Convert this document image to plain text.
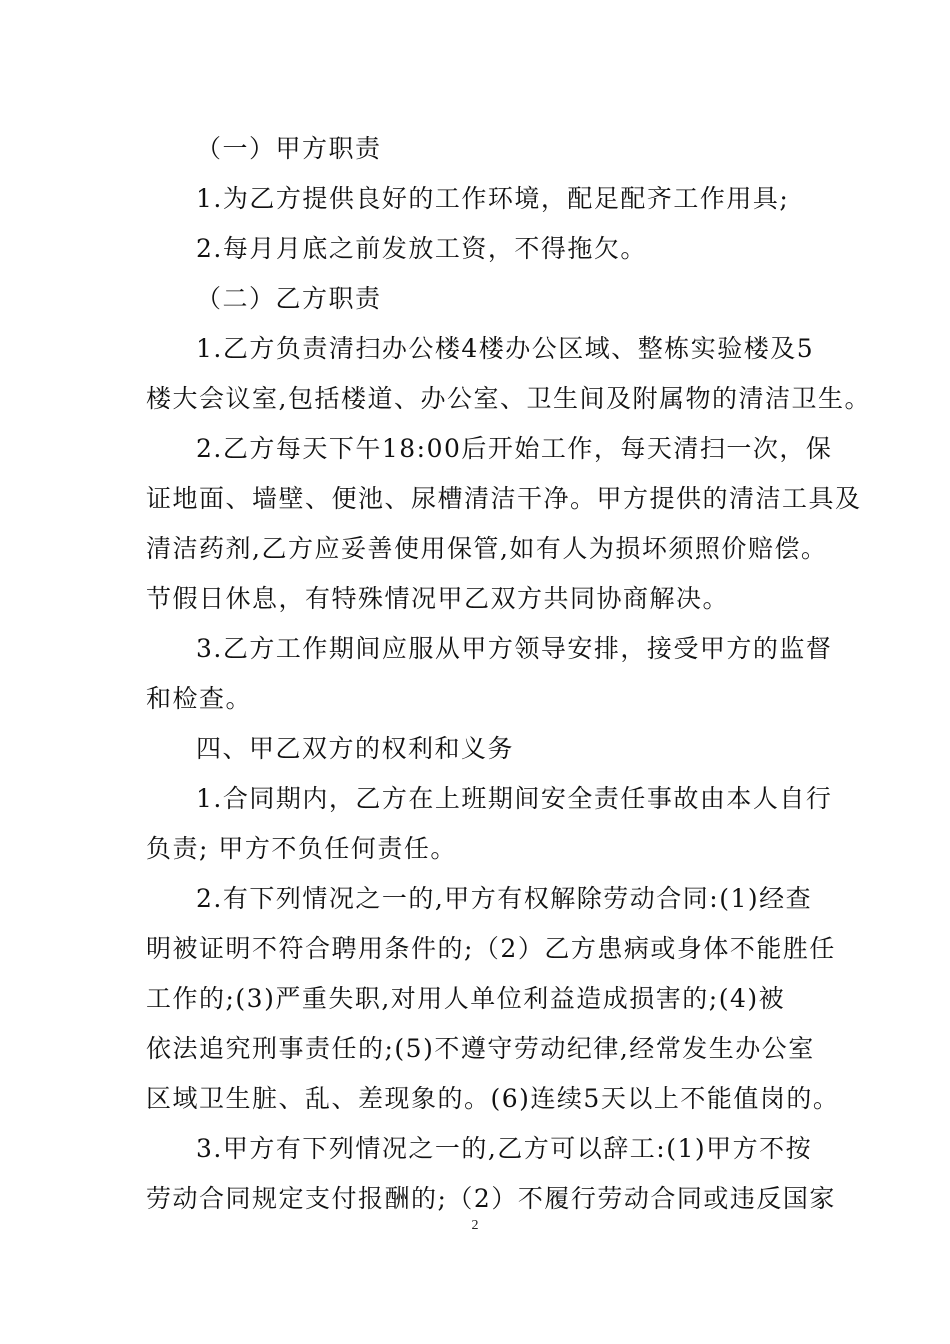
（一）甲方职责
1.为乙方提供良好的工作环境，配足配齐工作用具;
2.每月月底之前发放工资，不得拖欠。
（二）乙方职责
1.乙方负责清扫办公楼4楼办公区域、整栋实验楼及5
楼大会议室,包括楼道、办公室、卫生间及附属物的清洁卫生。
2.乙方每天下午18:00后开始工作，每天清扫一次，保
证地面、墙壁、便池、尿槽清洁干净。甲方提供的清洁工具及
清洁药剂,乙方应妥善使用保管,如有人为损坏须照价赔偿。
节假日休息，有特殊情况甲乙双方共同协商解决。
3.乙方工作期间应服从甲方领导安排，接受甲方的监督
和检查。
四、甲乙双方的权利和义务
1.合同期内，乙方在上班期间安全责任事故由本人自行
负责; 甲方不负任何责任。
2.有下列情况之一的,甲方有权解除劳动合同:(1)经查
明被证明不符合聘用条件的;（2）乙方患病或身体不能胜任
工作的;(3)严重失职,对用人单位利益造成损害的;(4)被
依法追究刑事责任的;(5)不遵守劳动纪律,经常发生办公室
区域卫生脏、乱、差现象的。(6)连续5天以上不能值岗的。
3.甲方有下列情况之一的,乙方可以辞工:(1)甲方不按
劳动合同规定支付报酬的;（2）不履行劳动合同或违反国家
2
